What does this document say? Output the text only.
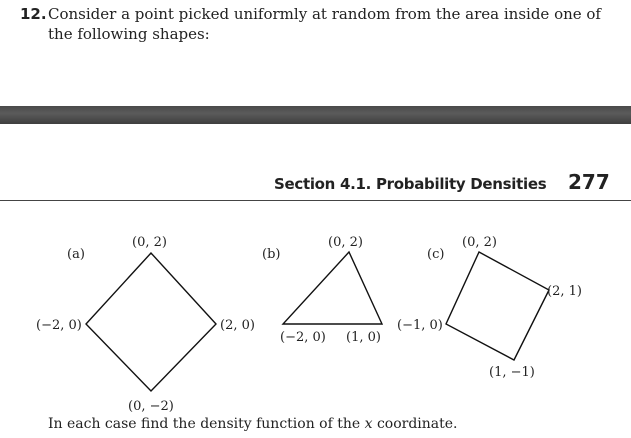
12. Consider a point picked uniformly at random from the area inside one of the following shapes:
Section 4.1. Probability Densities 277
(a)
(0, 2)
(−2, 0)	(2, 0)
(0, −2)
(b)
(0, 2)
(−2, 0) (1, 0)
(c)
(0, 2)
(−1, 0)
(2, 1)
(1, −1)
In each case find the density function of the x coordinate.
